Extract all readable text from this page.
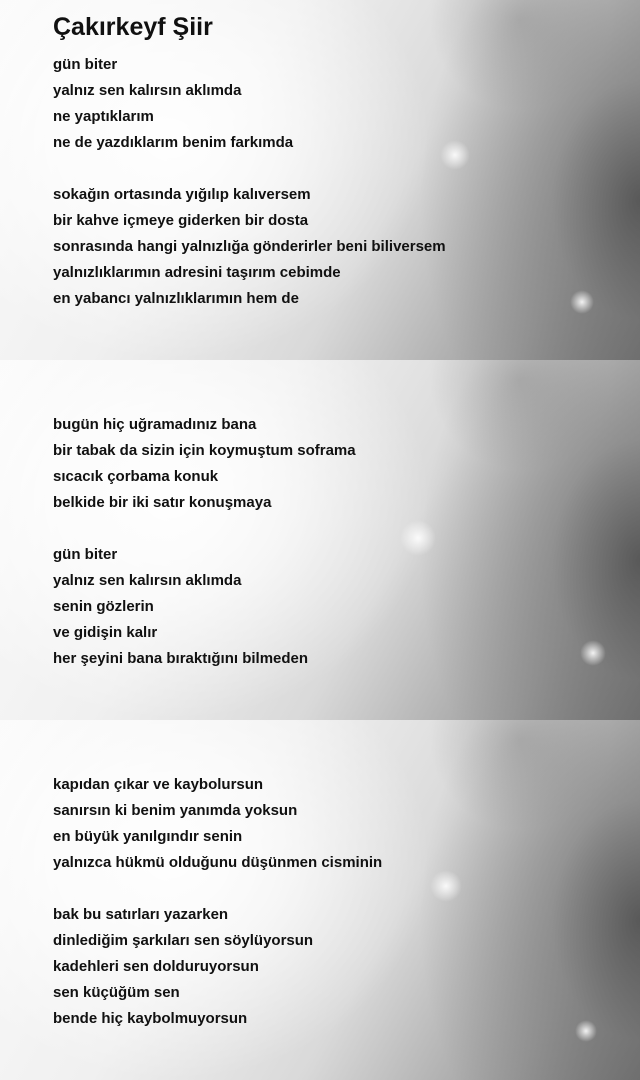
Çakırkeyf Şiir
gün biter
yalnız sen kalırsın aklımda
ne yaptıklarım
ne de yazdıklarım benim farkımda
sokağın ortasında yığılıp kalıversem
bir kahve içmeye giderken bir dosta
sonrasında hangi yalnızlığa gönderirler beni biliversem
yalnızlıklarımın adresini taşırım cebimde
en yabancı yalnızlıklarımın hem de
bugün hiç uğramadınız bana
bir tabak da sizin için koymuştum soframa
sıcacık çorbama konuk
belkide bir iki satır konuşmaya
gün biter
yalnız sen kalırsın aklımda
senin gözlerin
ve gidişin kalır
her şeyini bana bıraktığını bilmeden
kapıdan çıkar ve kaybolursun
sanırsın ki benim yanımda yoksun
en büyük yanılgındır senin
yalnızca hükmü olduğunu düşünmen cisminin
bak bu satırları yazarken
dinlediğim şarkıları sen söylüyorsun
kadehleri sen dolduruyorsun
sen küçüğüm sen
bende hiç kaybolmuyorsun
